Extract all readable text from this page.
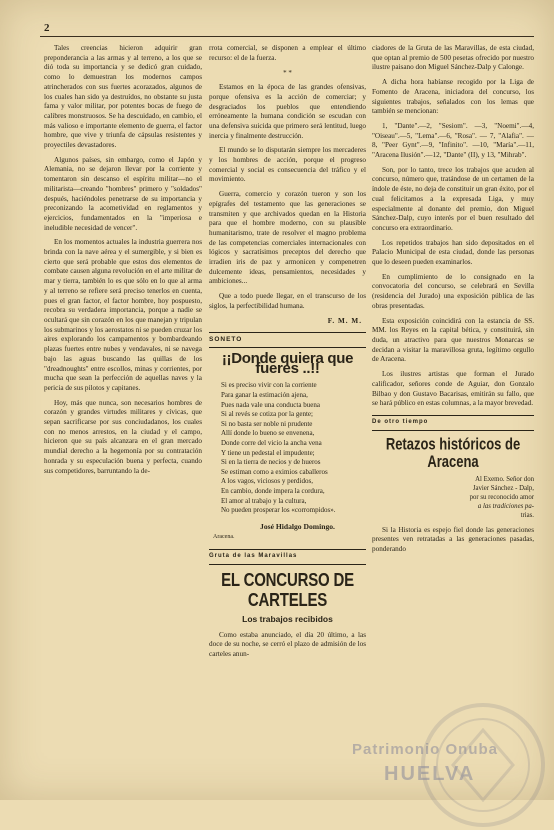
2

Tales creencias hicieron adquirir gran preponderancia a las armas y al terreno, a los que se dió toda su importancia y se dedicó gran cuidado, como lo demuestran los modernos campos atrincherados con sus fuertes acorazados, algunos de los cuales han sido ya destruídos, no obstante su justa fama y valor militar, por potentes bocas de fuego de calibres monstruosos. Se ha descuidado, en cambio, el más valioso e importante elemento de guerra, el factor hombre, que vive y triunfa de cápsulas resistentes y proyectiles devastadores.

Algunos países, sin embargo, como el Japón y Alemania, no se dejaron llevar por la corriente y tomentaron sin descanso el espíritu militar—no el militarista—creando "hombres" primero y "soldados" después, haciéndoles penetrarse de su importancia y preconizando la acometividad en reglamentos y ejercicios, fundamentados en la "imperiosa e ineludible necesidad de vencer".

En los momentos actuales la industria guerrera nos brinda con la nave aérea y el sumergible, y si bien es cierto que será probable que estos dos elementos de combate causen alguna revolución en el arte militar de mar y tierra, también lo es que sólo en lo que al arma y al terreno se refiere será preciso tenerlos en cuenta, pues el gran factor, el factor hombre, hoy pospuesto, recobra su verdadera importancia, porque a nadie se ocultará que sin corazón en los que manejan y tripulan los submarinos y los aerostatos ni se pueden cruzar los aires explorando los campamentos y bombardeando plazas fuertes entre nubes y vendavales, ni se navega bajo las aguas buscando las quillas de los "dreadnoughts" entre escollos, minas y corrientes, por mucha que sean la perfección de aquellas naves y la pericia de sus pilotos y capitanes.

Hoy, más que nunca, son necesarios hombres de corazón y grandes virtudes militares y cívicas, que sepan sacrificarse por sus conciudadanos, los cuales con no menos arrestos, en la ciudad y el campo, hicieron que su país alcanzara en el gran mercado mundial derecho a la hegemonía por su contratación honrada y su especulación buena y perfecta, cuando sus competidores, barruntando la de-

rrota comercial, se disponen a emplear el último recurso: el de la fuerza.

* *

Estamos en la época de las grandes ofensivas, porque ofensiva es la acción de comerciar; y desgraciados los pueblos que entendiendo erróneamente la humana condición se escudan con una defensiva suicida que primero será lentitud, luego inercia y finalmente destrucción.

El mundo se lo disputarán siempre los mercaderes y los hombres de acción, porque el progreso comercial y social es consecuencia del tráfico y el movimiento.

Guerra, comercio y corazón tueron y son los epígrafes del testamento que las generaciones se transmiten y que archivados quedan en la Historia para que el hombre moderno, con su plausible humanitarismo, trate de resolver el magno problema de las competencias comerciales internacionales con lógicos y sacratísimos preceptos del derecho que irradien iris de paz y armonicen y compenetren dulcemente ideas, pensamientos, necesidades y ambiciones...

Que a todo puede llegar, en el transcurso de los siglos, la perfectibilidad humana.

F. M. M.
SONETO
¡¡Donde quiera que fueres ..!!
Si es preciso vivir con la corriente
Para ganar la estimación ajena,
Pues nada vale una conducta buena
Si al revés se cotiza por la gente;
Si no basta ser noble ni prudente
Allí donde lo bueno se envenena,
Donde corre del vicio la ancha vena
Y tiene un pedestal el impudente;
Si en la tierra de necios y de hueros
Se estiman como a eximios caballeros
A los vagos, viciosos y perdidos,
En cambio, donde impera la cordura,
El amor al trabajo y la cultura,
No pueden prosperar los «corrompidos».
José Hidalgo Domingo.
Aracena.
Gruta de las Maravillas
EL CONCURSO DE CARTELES
Los trabajos recibidos

Como estaba anunciado, el día 20 último, a las doce de su noche, se cerró el plazo de admisión de los carteles anun-

ciadores de la Gruta de las Maravillas, de esta ciudad, que optan al premio de 500 pesetas ofrecido por nuestro ilustre paisano don Miguel Sánchez-Dalp y Calonge.

A dicha hora habíanse recogido por la Liga de Fomento de Aracena, iniciadora del concurso, los siguientes trabajos, señalados con los lemas que también se mencionan:

1, "Dante".—2, "Sesiom". —3, "Noemi".—4, "Oiseau".—5, "Lema".—6, "Rosa". — 7, "Alafia". — 8, "Peer Gynt".—9, "Infinito". —10, "María".—11, "Aracena Ilusión".—12, "Dante" (II), y 13, "Mihrab".

Son, por lo tanto, trece los trabajos que acuden al concurso, número que, tratándose de un certamen de la índole de éste, no deja de constituir un gran éxito, por el cual felicitamos a la expresada Liga, y muy especialmente al donante del premio, don Miguel Sánchez-Dalp, cuyo interés por el buen resultado del concurso era extraordinario.

Los repetidos trabajos han sido depositados en el Palacio Municipal de esta ciudad, donde las personas que lo deseen pueden examinarlos.

En cumplimiento de lo consignado en la convocatoria del concurso, se celebrará en Sevilla (residencia del Jurado) una exposición pública de las obras presentadas.

Esta exposición coincidirá con la estancia de SS. MM. los Reyes en la capital bética, y constituirá, sin duda, un atractivo para que nuestros Monarcas se decidan a visitar la maravillosa gruta, legítimo orgullo de Aracena.

Los ilustres artistas que forman el Jurado calificador, señores conde de Aguiar, don Gonzalo Bilbao y don Gustavo Bacarisas, emitirán su fallo, que se hará público en estas columnas, a la mayor brevedad.

De otro tiempo
Retazos históricos de Aracena
Al Exemo. Señor don
Javier Sánchez - Dalp,
por su reconocido amor
a las tradiciones pa-
trias.

Si la Historia es espejo fiel donde las generaciones presentes ven retratadas a las generaciones pasadas, ponderando

Patrimonio Onuba
HUELVA
